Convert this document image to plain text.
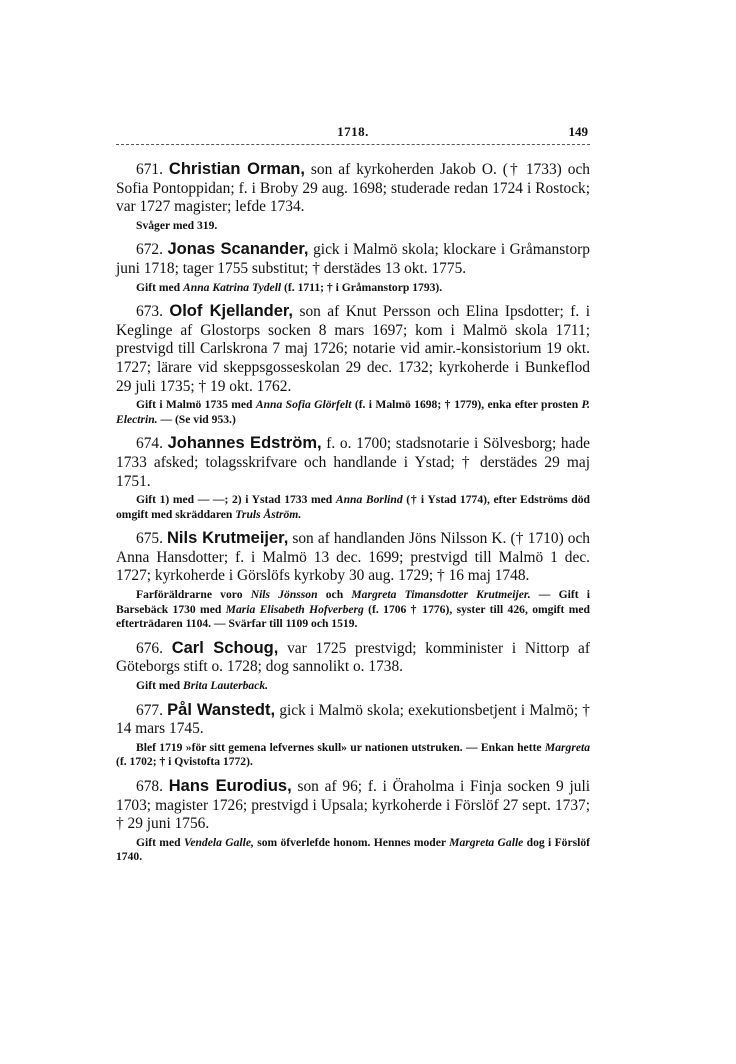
1718.	149

671. Christian Orman, son af kyrkoherden Jakob O. († 1733) och Sofia Pontoppidan; f. i Broby 29 aug. 1698; studerade redan 1724 i Rostock; var 1727 magister; lefde 1734.

Svåger med 319.

672. Jonas Scanander, gick i Malmö skola; klockare i Gråmanstorp juni 1718; tager 1755 substitut; † derstädes 13 okt. 1775.

Gift med Anna Katrina Tydell (f. 1711; † i Gråmanstorp 1793).

673. Olof Kjellander, son af Knut Persson och Elina Ipsdotter; f. i Keglinge af Glostorps socken 8 mars 1697; kom i Malmö skola 1711; prestvigd till Carlskrona 7 maj 1726; notarie vid amir.-konsistorium 19 okt. 1727; lärare vid skeppsgosseskolan 29 dec. 1732; kyrkoherde i Bunkeflod 29 juli 1735; † 19 okt. 1762.

Gift i Malmö 1735 med Anna Sofia Glörfelt (f. i Malmö 1698; † 1779), enka efter prosten P. Electrin. — (Se vid 953.)

674. Johannes Edström, f. o. 1700; stadsnotarie i Sölvesborg; hade 1733 afsked; tolagsskrifvare och handlande i Ystad; † derstädes 29 maj 1751.

Gift 1) med — —; 2) i Ystad 1733 med Anna Borlind († i Ystad 1774), efter Edströms död omgift med skräddaren Truls Åström.

675. Nils Krutmeijer, son af handlanden Jöns Nilsson K. († 1710) och Anna Hansdotter; f. i Malmö 13 dec. 1699; prestvigd till Malmö 1 dec. 1727; kyrkoherde i Görslöfs kyrkoby 30 aug. 1729; † 16 maj 1748.

Farföräldrarne voro Nils Jönsson och Margreta Timansdotter Krutmeijer. — Gift i Barsebäck 1730 med Maria Elisabeth Hofverberg (f. 1706 † 1776), syster till 426, omgift med efterträdaren 1104. — Svärfar till 1109 och 1519.

676. Carl Schoug, var 1725 prestvigd; komminister i Nittorp af Göteborgs stift o. 1728; dog sannolikt o. 1738.

Gift med Brita Lauterback.

677. Pål Wanstedt, gick i Malmö skola; exekutionsbetjent i Malmö; † 14 mars 1745.

Blef 1719 »för sitt gemena lefvernes skull» ur nationen utstruken. — Enkan hette Margreta (f. 1702; † i Qvistofta 1772).

678. Hans Eurodius, son af 96; f. i Öraholma i Finja socken 9 juli 1703; magister 1726; prestvigd i Upsala; kyrkoherde i Förslöf 27 sept. 1737; † 29 juni 1756.

Gift med Vendela Galle, som öfverlefde honom. Hennes moder Margreta Galle dog i Förslöf 1740.
